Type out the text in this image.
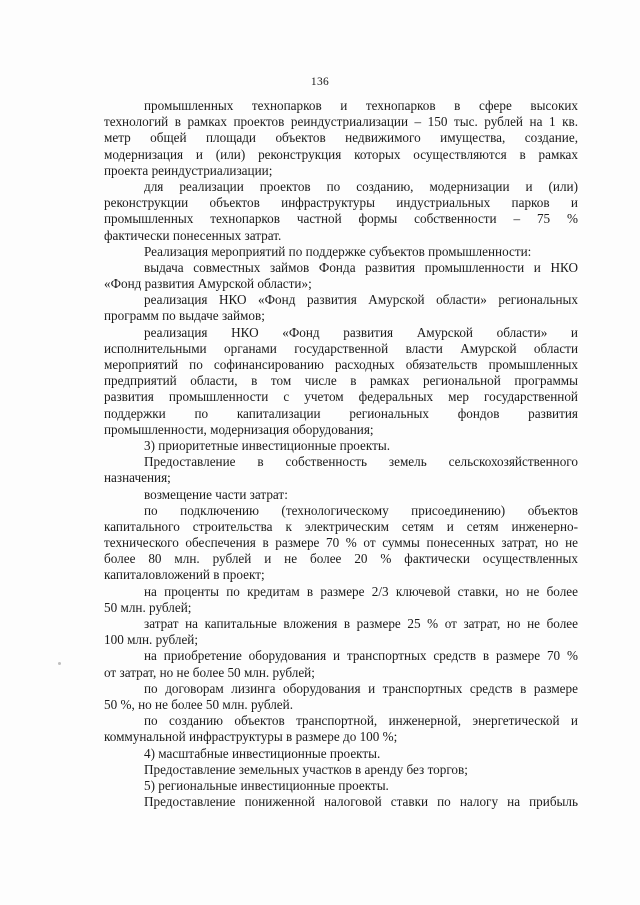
136
промышленных технопарков и технопарков в сфере высоких
технологий в рамках проектов реиндустриализации – 150 тыс. рублей на 1 кв.
метр общей площади объектов недвижимого имущества, создание,
модернизация и (или) реконструкция которых осуществляются в рамках
проекта реиндустриализации;
для реализации проектов по созданию, модернизации и (или)
реконструкции объектов инфраструктуры индустриальных парков и
промышленных технопарков частной формы собственности – 75 %
фактически понесенных затрат.
Реализация мероприятий по поддержке субъектов промышленности:
выдача совместных займов Фонда развития промышленности и НКО
«Фонд развития Амурской области»;
реализация НКО «Фонд развития Амурской области» региональных
программ по выдаче займов;
реализация НКО «Фонд развития Амурской области» и
исполнительными органами государственной власти Амурской области
мероприятий по софинансированию расходных обязательств промышленных
предприятий области, в том числе в рамках региональной программы
развития промышленности с учетом федеральных мер государственной
поддержки по капитализации региональных фондов развития
промышленности, модернизация оборудования;
3) приоритетные инвестиционные проекты.
Предоставление в собственность земель сельскохозяйственного
назначения;
возмещение части затрат:
по подключению (технологическому присоединению) объектов
капитального строительства к электрическим сетям и сетям инженерно-
технического обеспечения в размере 70 % от суммы понесенных затрат, но не
более 80 млн. рублей и не более 20 % фактически осуществленных
капиталовложений в проект;
на проценты по кредитам в размере 2/3 ключевой ставки, но не более
50 млн. рублей;
затрат на капитальные вложения в размере 25 % от затрат, но не более
100 млн. рублей;
на приобретение оборудования и транспортных средств в размере 70 %
от затрат, но не более 50 млн. рублей;
по договорам лизинга оборудования и транспортных средств в размере
50 %, но не более 50 млн. рублей.
по созданию объектов транспортной, инженерной, энергетической и
коммунальной инфраструктуры в размере до 100 %;
4) масштабные инвестиционные проекты.
Предоставление земельных участков в аренду без торгов;
5) региональные инвестиционные проекты.
Предоставление пониженной налоговой ставки по налогу на прибыль
